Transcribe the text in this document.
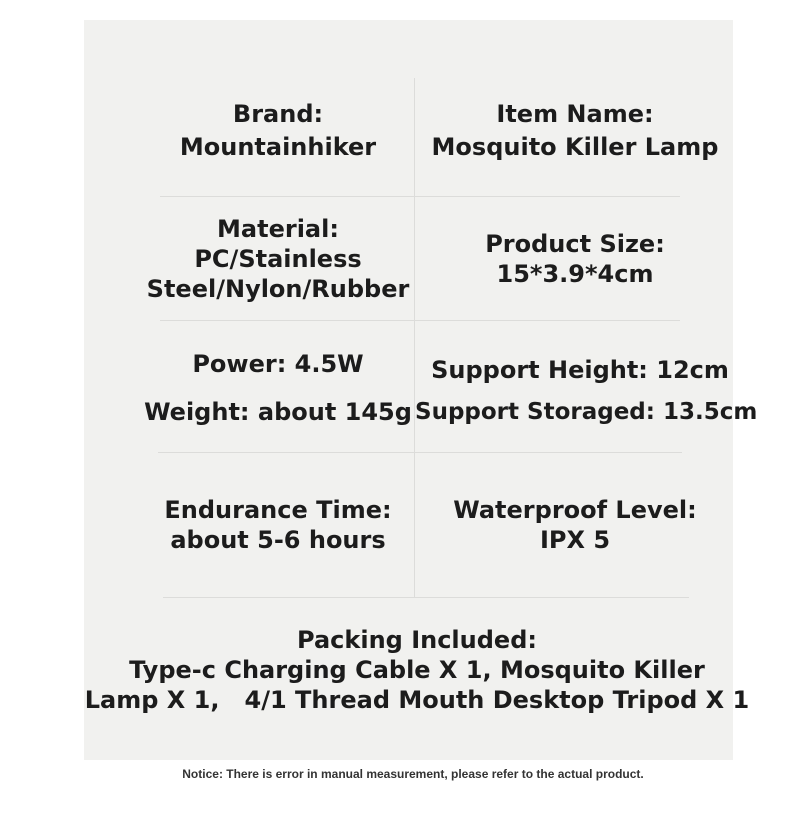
Brand:
Mountainhiker
Item Name:
Mosquito Killer Lamp
Material:
PC/Stainless
Steel/Nylon/Rubber
Product Size:
15*3.9*4cm
Power: 4.5W
Weight: about 145g
Support Height: 12cm
Support Storaged: 13.5cm
Endurance Time:
about 5-6 hours
Waterproof Level:
IPX 5
Packing Included:
Type-c Charging Cable X 1, Mosquito Killer
Lamp X 1,   4/1 Thread Mouth Desktop Tripod X 1
Notice: There is error in manual measurement, please refer to the actual product.
